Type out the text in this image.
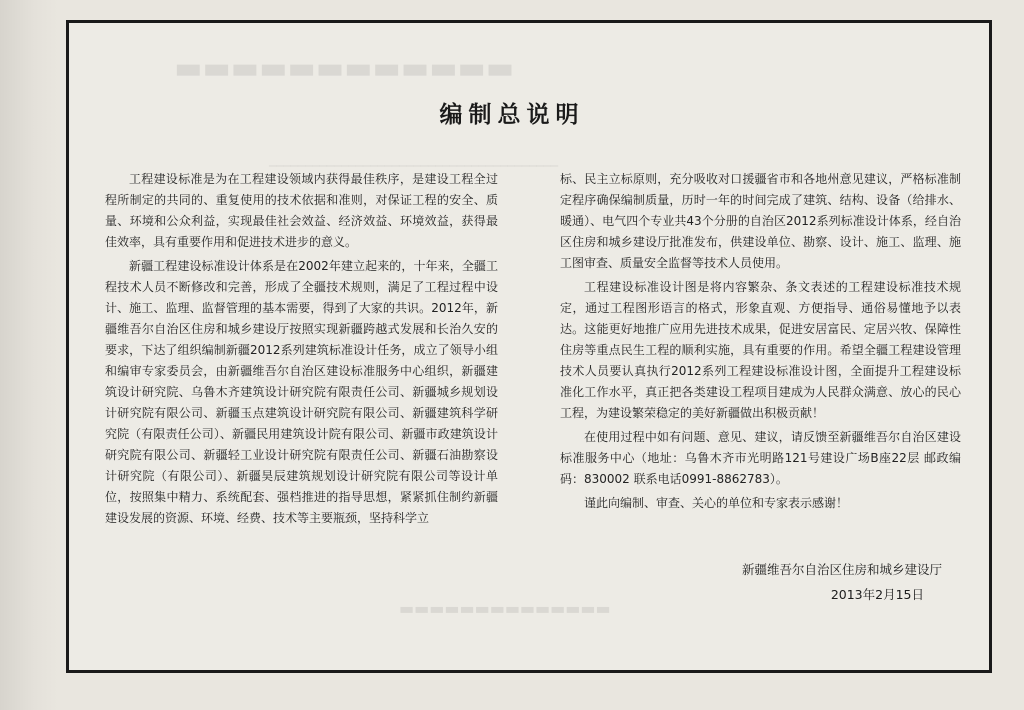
▬▬▬▬▬▬▬▬▬▬▬▬
────────────────────────────────────────
▬▬▬▬▬▬▬▬▬▬▬▬▬▬
编制总说明

工程建设标准是为在工程建设领域内获得最佳秩序，是建设工程全过程所制定的共同的、重复使用的技术依据和准则，对保证工程的安全、质量、环境和公众利益，实现最佳社会效益、经济效益、环境效益，获得最佳效率，具有重要作用和促进技术进步的意义。

新疆工程建设标准设计体系是在2002年建立起来的，十年来，全疆工程技术人员不断修改和完善，形成了全疆技术规则，满足了工程过程中设计、施工、监理、监督管理的基本需要，得到了大家的共识。2012年，新疆维吾尔自治区住房和城乡建设厅按照实现新疆跨越式发展和长治久安的要求，下达了组织编制新疆2012系列建筑标准设计任务，成立了领导小组和编审专家委员会，由新疆维吾尔自治区建设标准服务中心组织，新疆建筑设计研究院、乌鲁木齐建筑设计研究院有限责任公司、新疆城乡规划设计研究院有限公司、新疆玉点建筑设计研究院有限公司、新疆建筑科学研究院（有限责任公司）、新疆民用建筑设计院有限公司、新疆市政建筑设计研究院有限公司、新疆轻工业设计研究院有限责任公司、新疆石油勘察设计研究院（有限公司）、新疆昊辰建筑规划设计研究院有限公司等设计单位，按照集中精力、系统配套、强档推进的指导思想，紧紧抓住制约新疆建设发展的资源、环境、经费、技术等主要瓶颈，坚持科学立

标、民主立标原则，充分吸收对口援疆省市和各地州意见建议，严格标准制定程序确保编制质量，历时一年的时间完成了建筑、结构、设备（给排水、暖通）、电气四个专业共43个分册的自治区2012系列标准设计体系，经自治区住房和城乡建设厅批准发布，供建设单位、勘察、设计、施工、监理、施工图审查、质量安全监督等技术人员使用。

工程建设标准设计图是将内容繁杂、条文表述的工程建设标准技术规定，通过工程图形语言的格式，形象直观、方便指导、通俗易懂地予以表达。这能更好地推广应用先进技术成果，促进安居富民、定居兴牧、保障性住房等重点民生工程的顺利实施，具有重要的作用。希望全疆工程建设管理技术人员要认真执行2012系列工程建设标准设计图，全面提升工程建设标准化工作水平，真正把各类建设工程项目建成为人民群众满意、放心的民心工程，为建设繁荣稳定的美好新疆做出积极贡献！

在使用过程中如有问题、意见、建议，请反馈至新疆维吾尔自治区建设标准服务中心（地址：乌鲁木齐市光明路121号建设广场B座22层 邮政编码：830002 联系电话0991-8862783）。

谨此向编制、审查、关心的单位和专家表示感谢！

新疆维吾尔自治区住房和城乡建设厅
2013年2月15日
